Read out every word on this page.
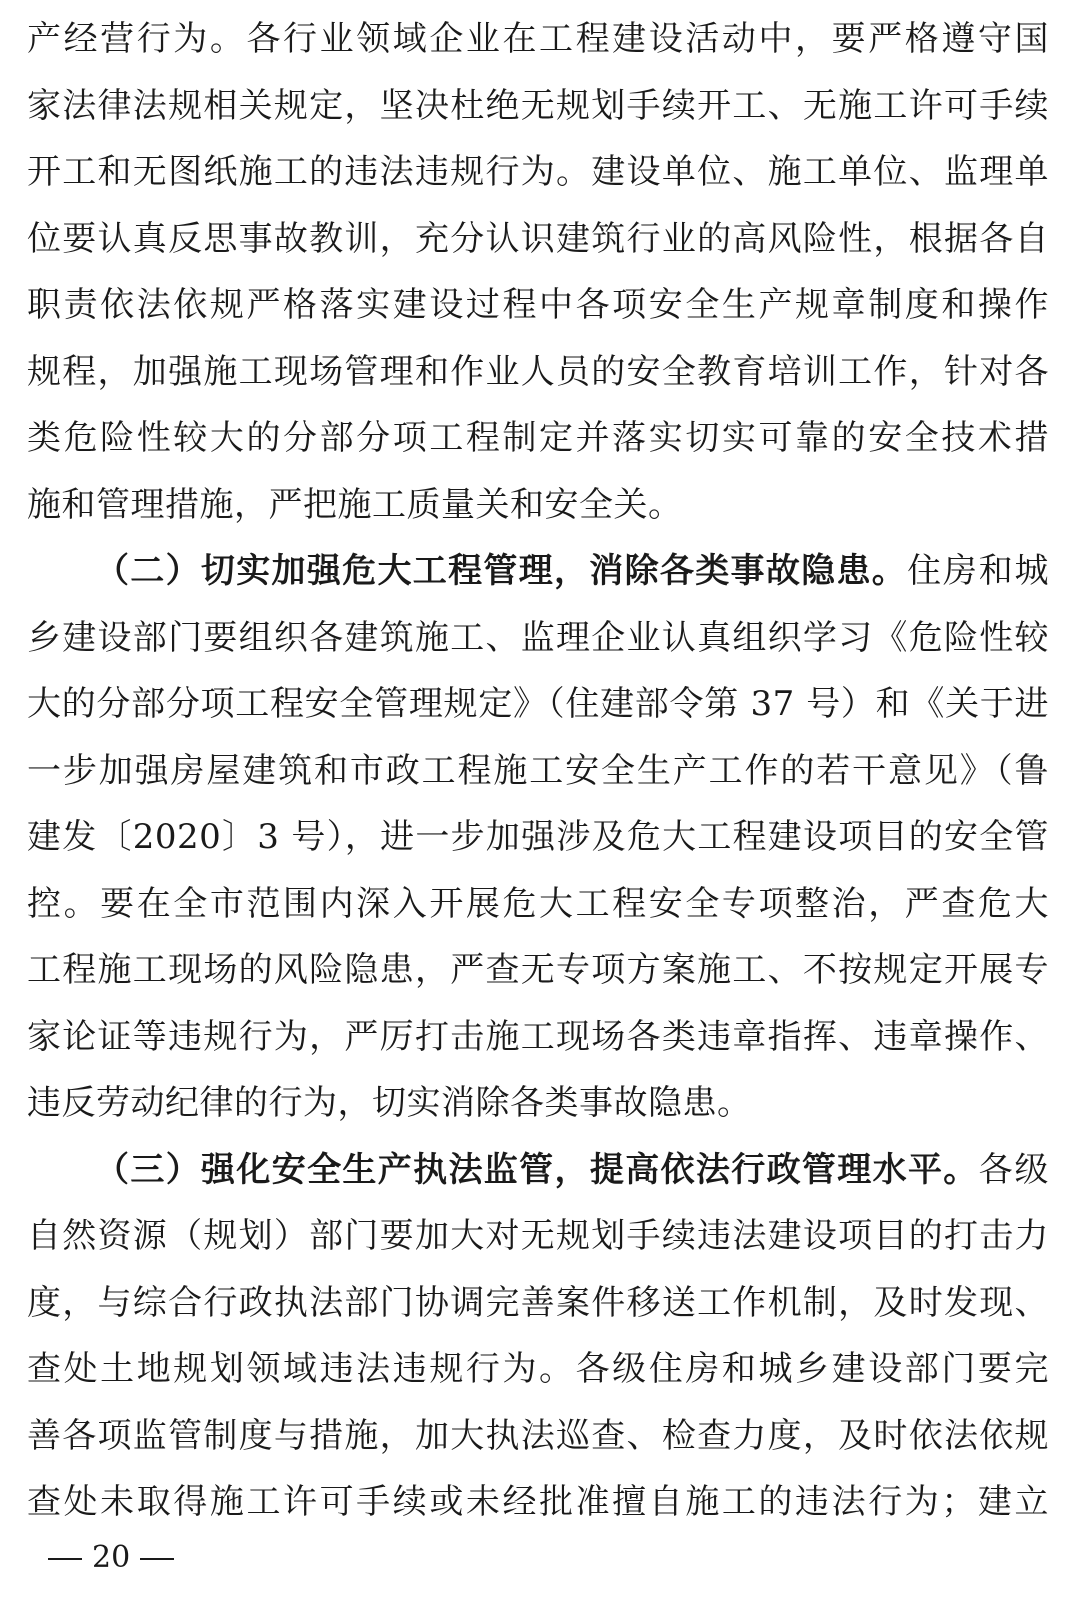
产经营行为。各行业领域企业在工程建设活动中，要严格遵守国
家法律法规相关规定，坚决杜绝无规划手续开工、无施工许可手续
开工和无图纸施工的违法违规行为。建设单位、施工单位、监理单
位要认真反思事故教训，充分认识建筑行业的高风险性，根据各自
职责依法依规严格落实建设过程中各项安全生产规章制度和操作
规程，加强施工现场管理和作业人员的安全教育培训工作，针对各
类危险性较大的分部分项工程制定并落实切实可靠的安全技术措
施和管理措施，严把施工质量关和安全关。
（二）切实加强危大工程管理，消除各类事故隐患。住房和城
乡建设部门要组织各建筑施工、监理企业认真组织学习《危险性较
大的分部分项工程安全管理规定》（住建部令第 37 号）和《关于进
一步加强房屋建筑和市政工程施工安全生产工作的若干意见》（鲁
建发〔2020〕3 号），进一步加强涉及危大工程建设项目的安全管
控。要在全市范围内深入开展危大工程安全专项整治，严查危大
工程施工现场的风险隐患，严查无专项方案施工、不按规定开展专
家论证等违规行为，严厉打击施工现场各类违章指挥、违章操作、
违反劳动纪律的行为，切实消除各类事故隐患。
（三）强化安全生产执法监管，提高依法行政管理水平。各级
自然资源（规划）部门要加大对无规划手续违法建设项目的打击力
度，与综合行政执法部门协调完善案件移送工作机制，及时发现、
查处土地规划领域违法违规行为。各级住房和城乡建设部门要完
善各项监管制度与措施，加大执法巡查、检查力度，及时依法依规
查处未取得施工许可手续或未经批准擅自施工的违法行为；建立
20
